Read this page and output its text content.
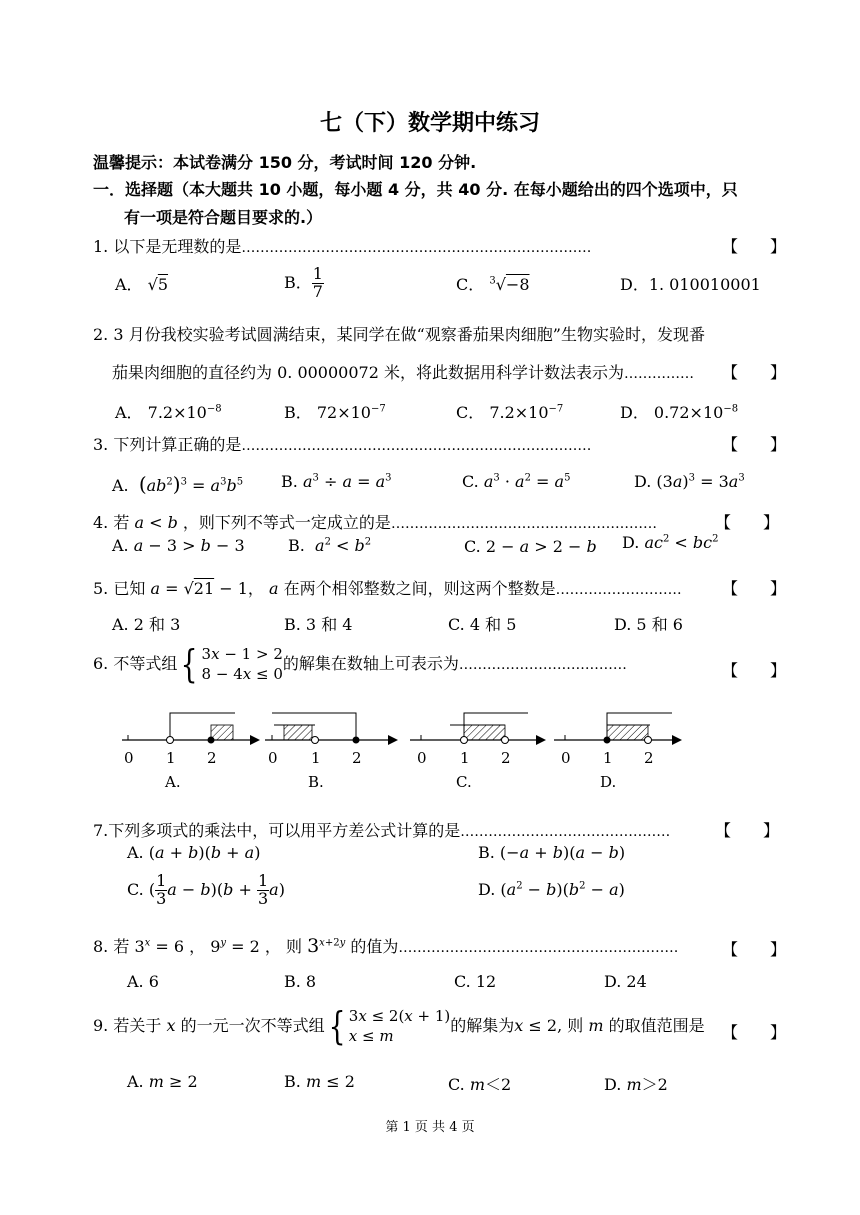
七（下）数学期中练习
温馨提示：本试卷满分 150 分，考试时间 120 分钟.
一．选择题（本大题共 10 小题，每小题 4 分，共 40 分. 在每小题给出的四个选项中，只
有一项是符合题目要求的.）
1. 以下是无理数的是…………………………………………………………………	【　　】
A． √5	B． $\frac{1}{7}$	C． $^3$√−8	D．1. 010010001
2. 3 月份我校实验考试圆满结束，某同学在做“观察番茄果肉细胞”生物实验时，发现番
茄果肉细胞的直径约为 0. 00000072 米，将此数据用科学计数法表示为…………… 【　　】
A． $7.2\times 10^{-8}$	B． $72\times 10^{-7}$	C． $7.2\times 10^{-7}$	D． $0.72\times 10^{-8}$
3. 下列计算正确的是…………………………………………………………………	【　　】
A.  $(ab^2)^3 = a^3b^5$ B. $a^3 \div a = a^3$	C. $a^3 \cdot a^2 = a^5$	D. $(3a)^3 = 3a^3$
4. 若 a < b ，则下列不等式一定成立的是…………………………………………………	【　　】
A. a − 3 > b − 3	B.  $a^2 < b^2$	C. 2 − a > 2 − b D. $ac^2 < bc^2$
5. 已知 a = √21 − 1， a 在两个相邻整数之间，则这两个整数是………………………	【　　】
A. 2 和 3	B. 3 和 4	C. 4 和 5	D. 5 和 6
6. 不等式组{ 3x − 1 > 2
8 − 4x ≤ 0的解集在数轴上可表示为………………………………	【　　】
0 1 2	0 1 2	0 1 2	0 1 2
A.	B.	C.	D.
7.下列多项式的乘法中，可以用平方差公式计算的是………………………………………	【　　】
A. (a + b)(b + a)	B. (−a + b)(a − b)
C. ( $\frac{1}{3}$ $a - b)(b + \frac{1}{3} a)$	D. $(a^2 - b)(b^2 - a)$
8. 若 $3^x = 6$ ， $9^y = 2$ ， 则 $3^{x+2y}$ 的值为……………………………………………………	【　　】
A. 6	B. 8	C. 12	D. 24
9. 若关于 x 的一元一次不等式组{ 3x ≤ 2(x + 1)
x ≤ m的解集为x ≤ 2, 则 m 的取值范围是 【　　】
A. m ≥ 2	B. m ≤ 2	C. m＜2	D. m＞2
第 1 页 共 4 页
